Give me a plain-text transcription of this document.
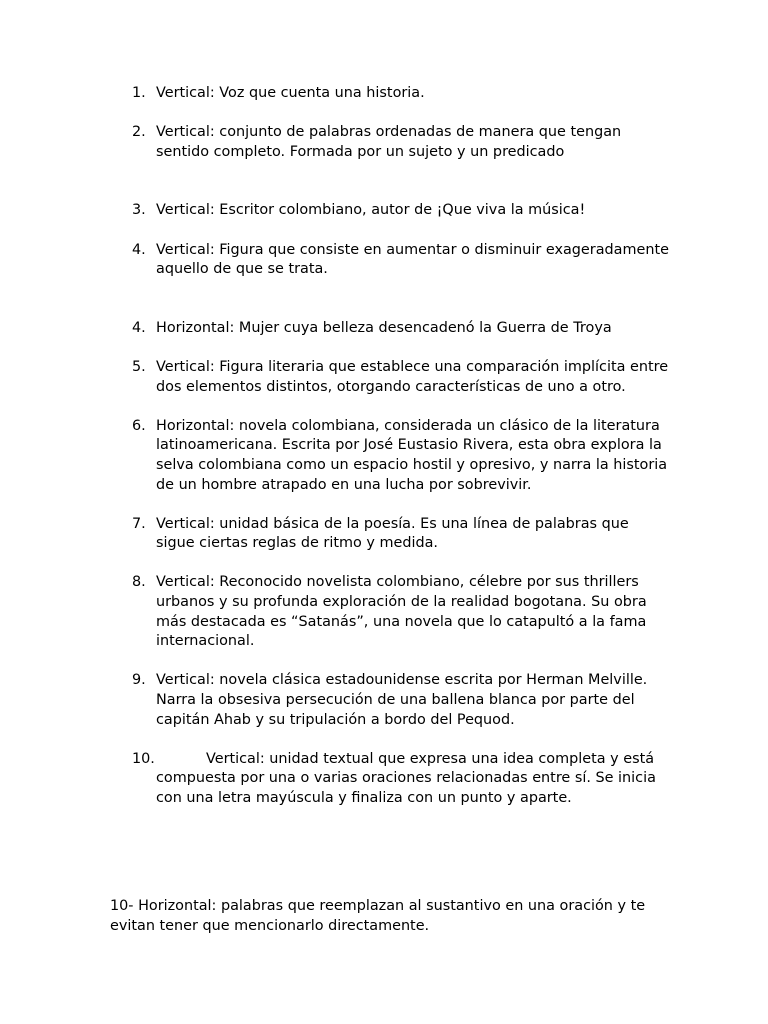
1. Vertical: Voz que cuenta una historia.
2. Vertical: conjunto de palabras ordenadas de manera que tengan sentido completo. Formada por un sujeto y un predicado
3. Vertical: Escritor colombiano, autor de ¡Que viva la música!
4. Vertical: Figura que consiste en aumentar o disminuir exageradamente aquello de que se trata.
4. Horizontal: Mujer cuya belleza desencadenó la Guerra de Troya
5. Vertical: Figura literaria que establece una comparación implícita entre dos elementos distintos, otorgando características de uno a otro.
6. Horizontal: novela colombiana, considerada un clásico de la literatura latinoamericana. Escrita por José Eustasio Rivera, esta obra explora la selva colombiana como un espacio hostil y opresivo, y narra la historia de un hombre atrapado en una lucha por sobrevivir.
7. Vertical: unidad básica de la poesía. Es una línea de palabras que sigue ciertas reglas de ritmo y medida.
8. Vertical: Reconocido novelista colombiano, célebre por sus thrillers urbanos y su profunda exploración de la realidad bogotana. Su obra más destacada es “Satanás”, una novela que lo catapultó a la fama internacional.
9. Vertical: novela clásica estadounidense escrita por Herman Melville. Narra la obsesiva persecución de una ballena blanca por parte del capitán Ahab y su tripulación a bordo del Pequod.
10.	Vertical: unidad textual que expresa una idea completa y está compuesta por una o varias oraciones relacionadas entre sí. Se inicia con una letra mayúscula y finaliza con un punto y aparte.
10- Horizontal: palabras que reemplazan al sustantivo en una oración y te evitan tener que mencionarlo directamente.
